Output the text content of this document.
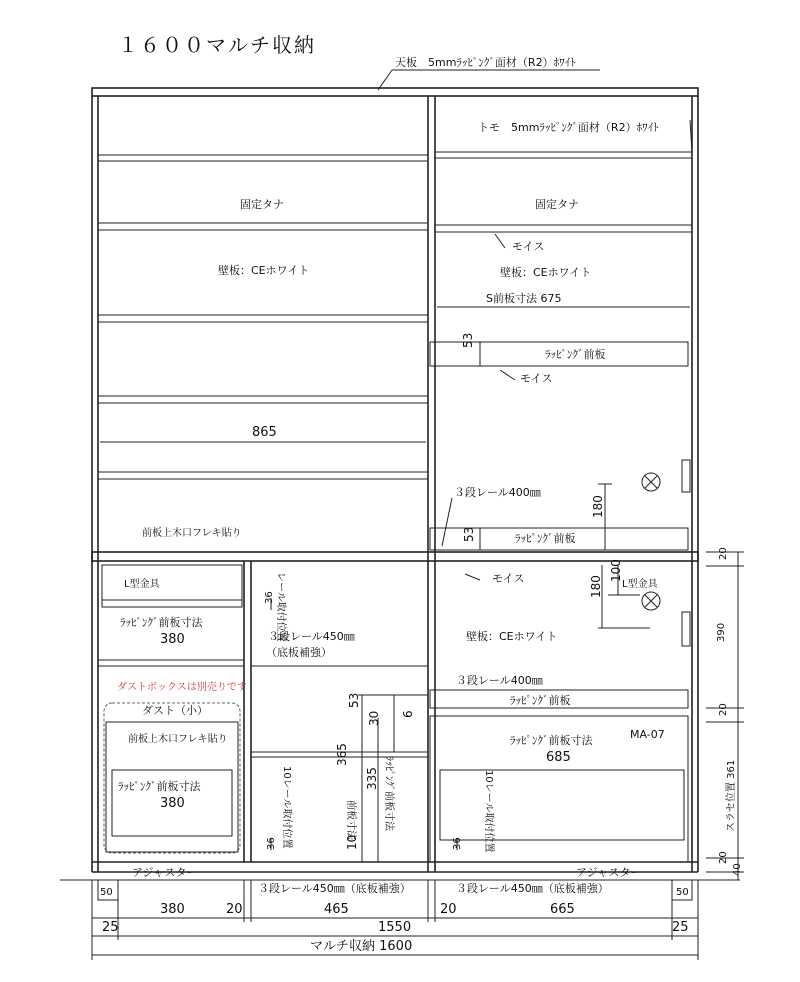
１６００マルチ収納
天板　5mmﾗｯﾋﾟﾝｸﾞ面材（R2）ﾎﾜｲﾄ
トモ　5mmﾗｯﾋﾟﾝｸﾞ面材（R2）ﾎﾜｲﾄ
固定タナ	固定タナ
モイス
壁板：CEホワイト	壁板：CEホワイト
S前板寸法 675
53
ﾗｯﾋﾟﾝｸﾞ前板
モイス
865
３段レール400㎜
180
53	ﾗｯﾋﾟﾝｸﾞ前板
前板上木口フレキ貼り
L型金具
36 レール取付位置
ﾗｯﾋﾟﾝｸﾞ前板寸法
380	３段レール450㎜
（底板補強）
モイス	100
180 L型金具
壁板：CEホワイト
３段レール400㎜
ﾗｯﾋﾟﾝｸﾞ前板
ダストボックスは別売りです
ダスト（小）
前板上木口フレキ貼り
ﾗｯﾋﾟﾝｸﾞ前板寸法
380
53
30 6
365
335
前板寸法	ﾗｯﾋﾟﾝｸﾞ前板寸法
10
36 10レール取付位置	36 10レール取付位置
MA-07
ﾗｯﾋﾟﾝｸﾞ前板寸法
685
アジャスター	アジャスター
３段レール450㎜（底板補強）	３段レール450㎜（底板補強）
20
390
20
スラセ位置 361
20
40
50	50
380	20	465	20	665
25	1550	25
マルチ収納 1600
